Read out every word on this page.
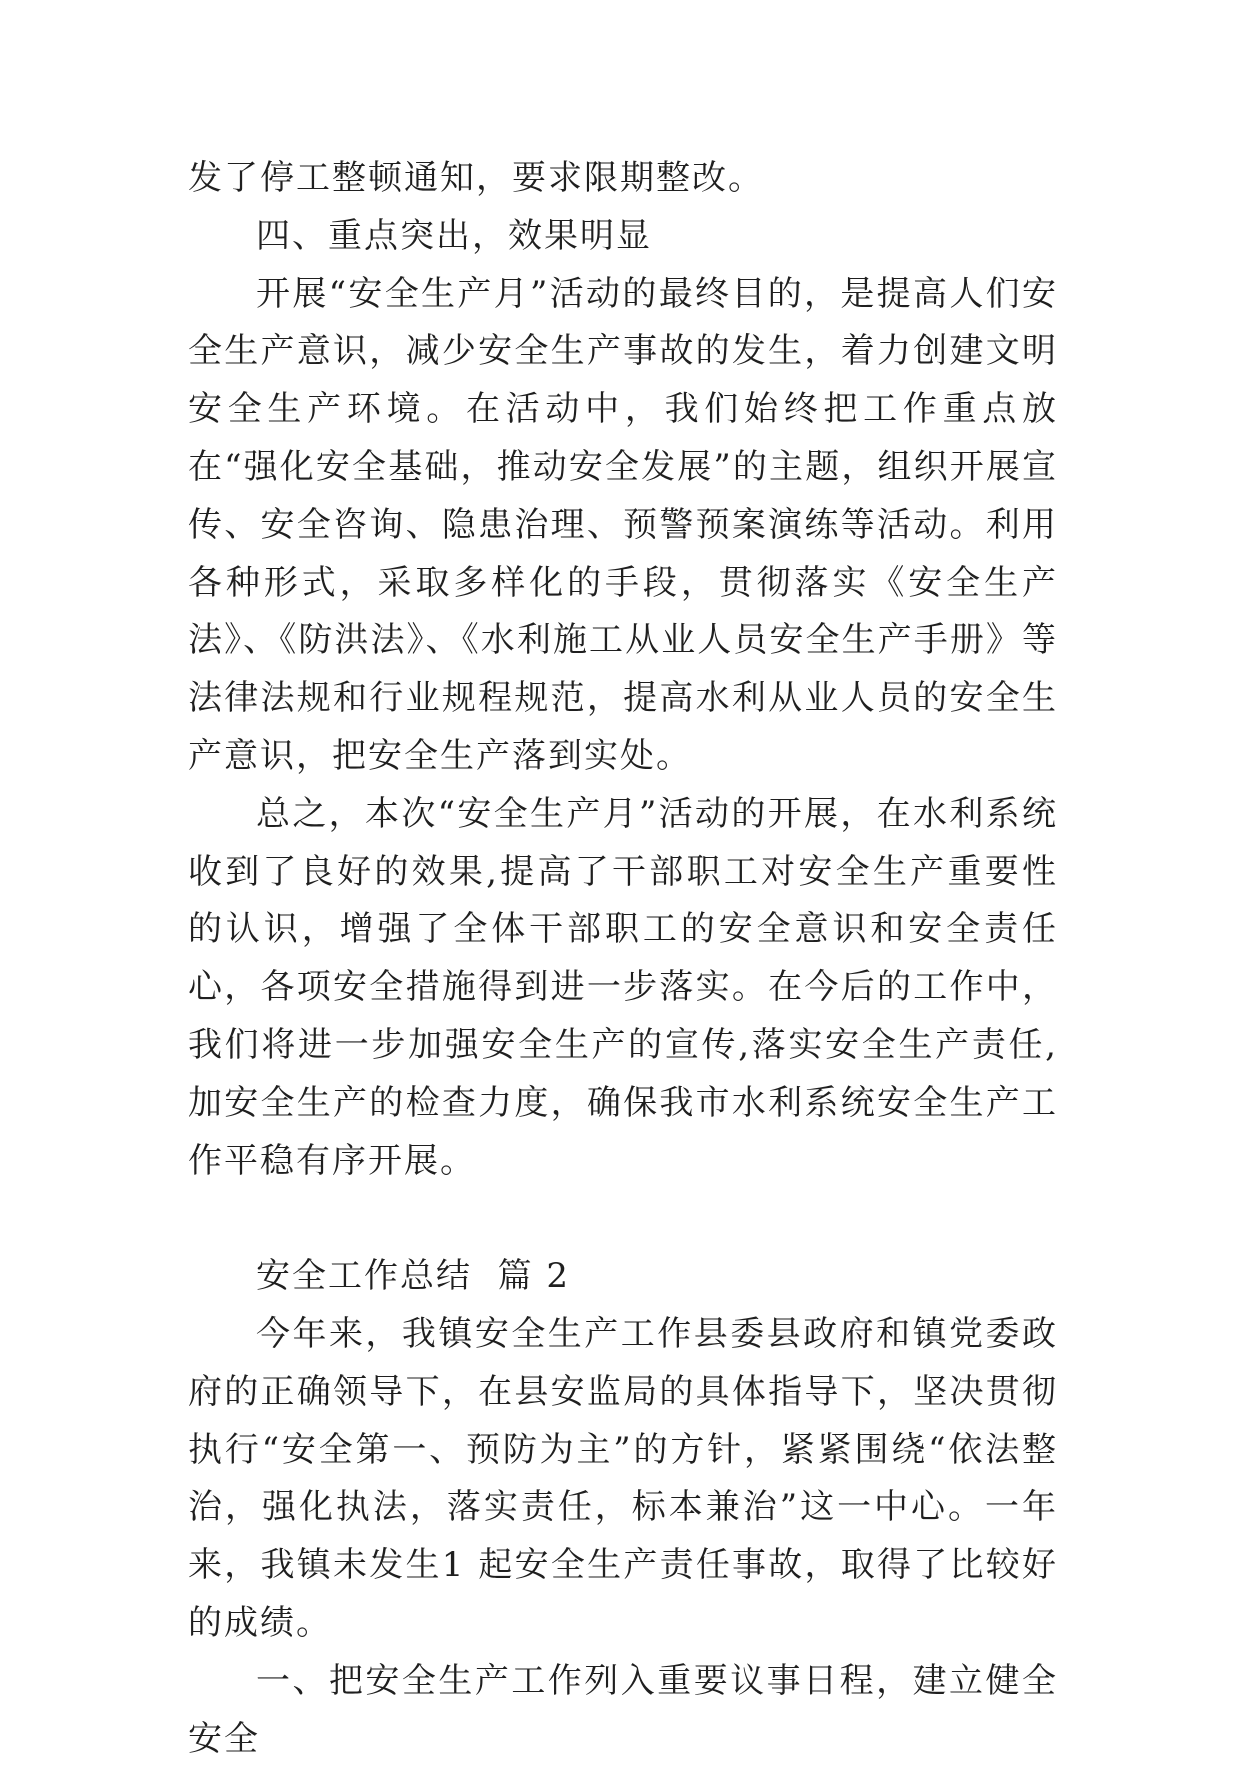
发了停工整顿通知，要求限期整改。

四、重点突出，效果明显

开展“安全生产月”活动的最终目的，是提高人们安全生产意识，减少安全生产事故的发生，着力创建文明安全生产环境。在活动中，我们始终把工作重点放在“强化安全基础，推动安全发展”的主题，组织开展宣传、安全咨询、隐患治理、预警预案演练等活动。利用各种形式，采取多样化的手段，贯彻落实《安全生产法》、《防洪法》、《水利施工从业人员安全生产手册》等法律法规和行业规程规范，提高水利从业人员的安全生产意识，把安全生产落到实处。

总之，本次“安全生产月”活动的开展，在水利系统收到了良好的效果,提高了干部职工对安全生产重要性的认识，增强了全体干部职工的安全意识和安全责任心，各项安全措施得到进一步落实。在今后的工作中，我们将进一步加强安全生产的宣传,落实安全生产责任,加安全生产的检查力度，确保我市水利系统安全生产工作平稳有序开展。

安全工作总结  篇 2

今年来，我镇安全生产工作县委县政府和镇党委政府的正确领导下，在县安监局的具体指导下，坚决贯彻执行“安全第一、预防为主”的方针，紧紧围绕“依法整治，强化执法，落实责任，标本兼治”这一中心。一年来，我镇未发生1 起安全生产责任事故，取得了比较好的成绩。

一、把安全生产工作列入重要议事日程，建立健全安全
